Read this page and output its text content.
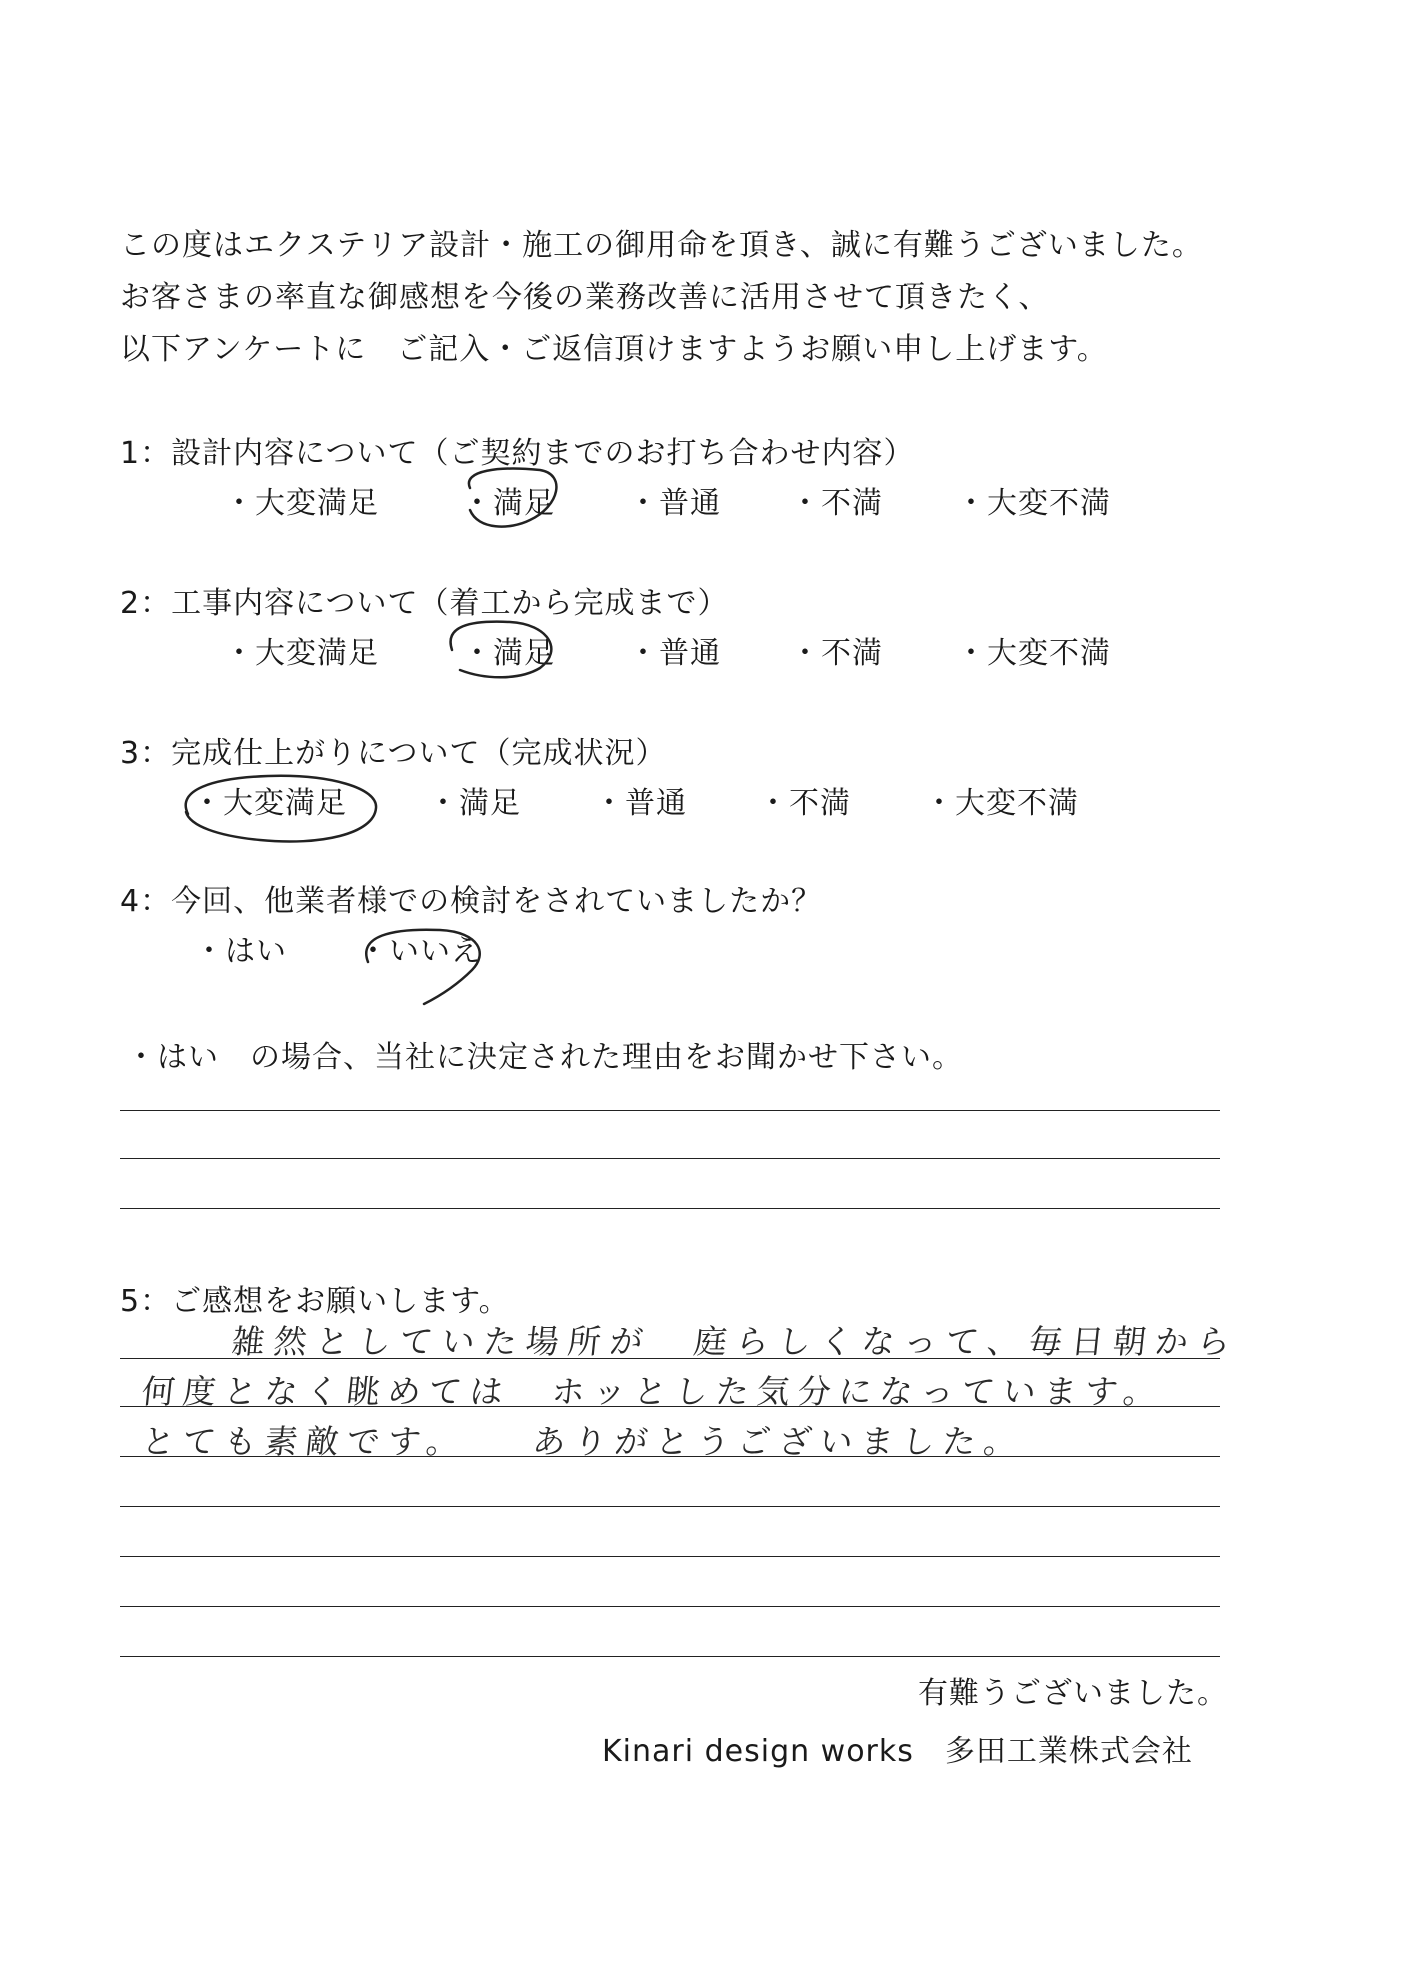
この度はエクステリア設計・施工の御用命を頂き、誠に有難うございました。
お客さまの率直な御感想を今後の業務改善に活用させて頂きたく、
以下アンケートに　ご記入・ご返信頂けますようお願い申し上げます。
1：設計内容について（ご契約までのお打ち合わせ内容）
・大変満足	・満足 ・普通 ・不満 ・大変不満
2：工事内容について（着工から完成まで）
・大変満足	・満足 ・普通 ・不満 ・大変不満
3：完成仕上がりについて（完成状況）
・大変満足	・満足 ・普通 ・不満 ・大変不満
4：今回、他業者様での検討をされていましたか？
・はい ・いいえ
・はい　の場合、当社に決定された理由をお聞かせ下さい。
5：ご感想をお願いします。
雑然としていた場所が　庭らしくなって、毎日朝から
何度となく眺めては　ホッとした気分になっています。
とても素敵です。　　ありがとうございました。
有難うございました。
Kinari design works　多田工業株式会社
